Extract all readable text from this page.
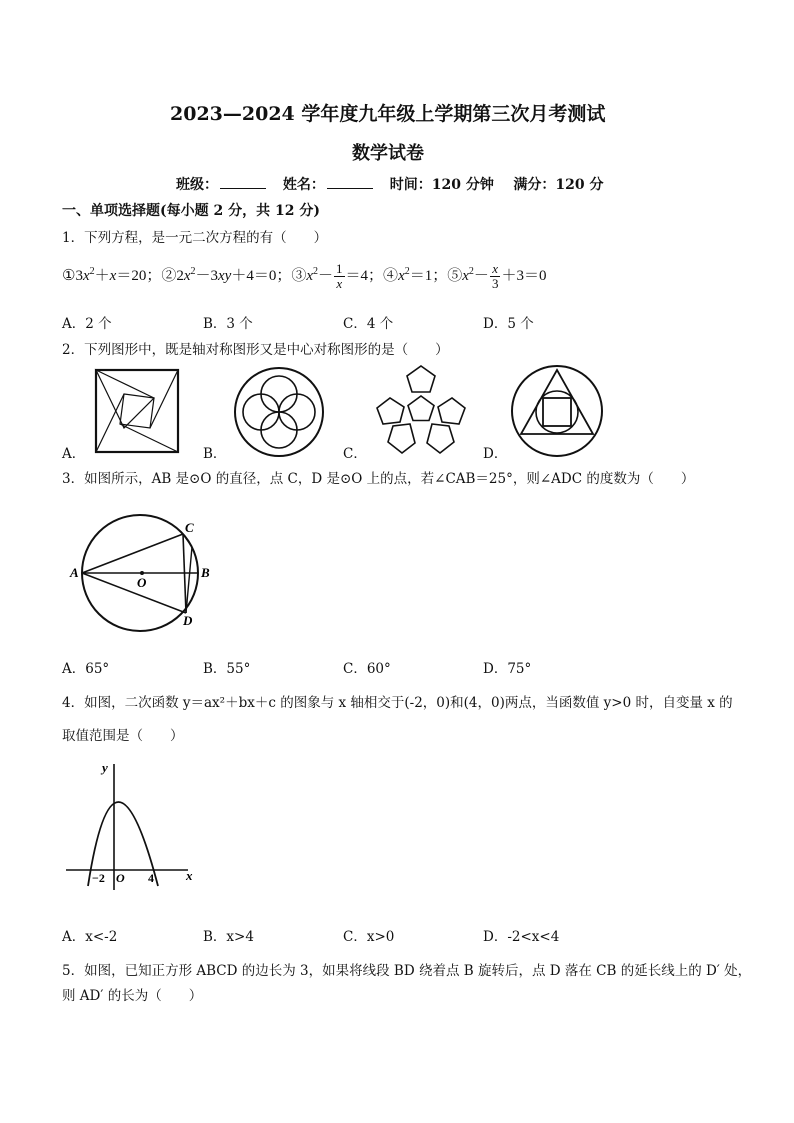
2023—2024 学年度九年级上学期第三次月考测试
数学试卷
班级：	姓名：	时间：120 分钟 满分：120 分
一、单项选择题(每小题 2 分，共 12 分)
1．下列方程，是一元二次方程的有（　　）
$①3x^2+x=20$；$②2x^2-3xy+4=0$；$③x^2- \frac{1}{x} =4$；$④x^2=1$；$⑤x^2- \frac{x}{3} +3=0$
A．2 个	B．3 个	C．4 个	D．5 个
2．下列图形中，既是轴对称图形又是中心对称图形的是（　　）
A．	B．	C．	D．
3．如图所示，AB 是⊙O 的直径，点 C，D 是⊙O 上的点，若∠CAB＝25°，则∠ADC 的度数为（　　）
A	B
C
D
O
A．65°	B．55°	C．60°	D．75°
4．如图，二次函数 y＝ax²＋bx＋c 的图象与 x 轴相交于(-2，0)和(4，0)两点，当函数值 y>0 时，自变量 x 的
取值范围是（　　）
y
x
O
−2	4
A．x<-2	B．x>4	C．x>0	D．-2<x<4
5．如图，已知正方形 ABCD 的边长为 3，如果将线段 BD 绕着点 B 旋转后，点 D 落在 CB 的延长线上的 D′ 处，
则 AD′ 的长为（　　）
